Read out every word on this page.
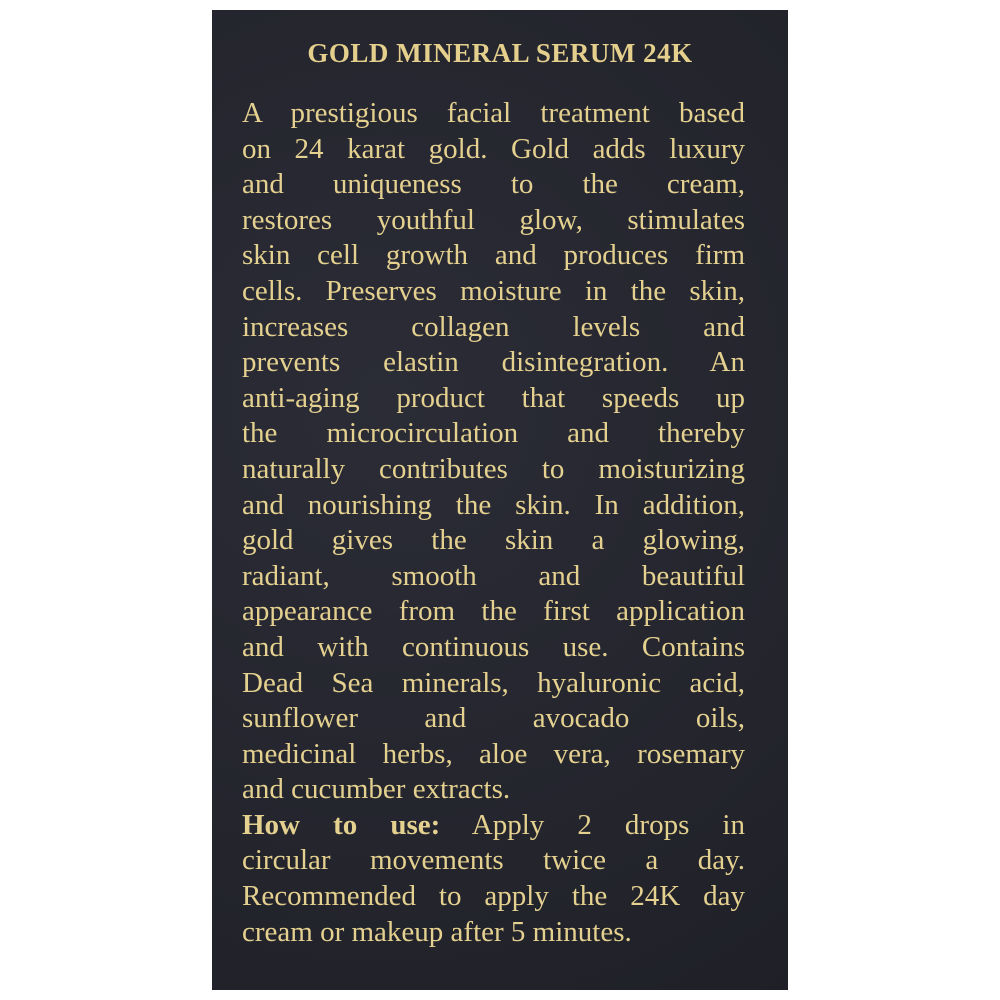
GOLD MINERAL SERUM 24K
A prestigious facial treatment based
on 24 karat gold. Gold adds luxury
and uniqueness to the cream,
restores youthful glow, stimulates
skin cell growth and produces firm
cells. Preserves moisture in the skin,
increases collagen levels and
prevents elastin disintegration. An
anti-aging product that speeds up
the microcirculation and thereby
naturally contributes to moisturizing
and nourishing the skin. In addition,
gold gives the skin a glowing,
radiant, smooth and beautiful
appearance from the first application
and with continuous use. Contains
Dead Sea minerals, hyaluronic acid,
sunflower and avocado oils,
medicinal herbs, aloe vera, rosemary
and cucumber extracts.
How to use: Apply 2 drops in
circular movements twice a day.
Recommended to apply the 24K day
cream or makeup after 5 minutes.
